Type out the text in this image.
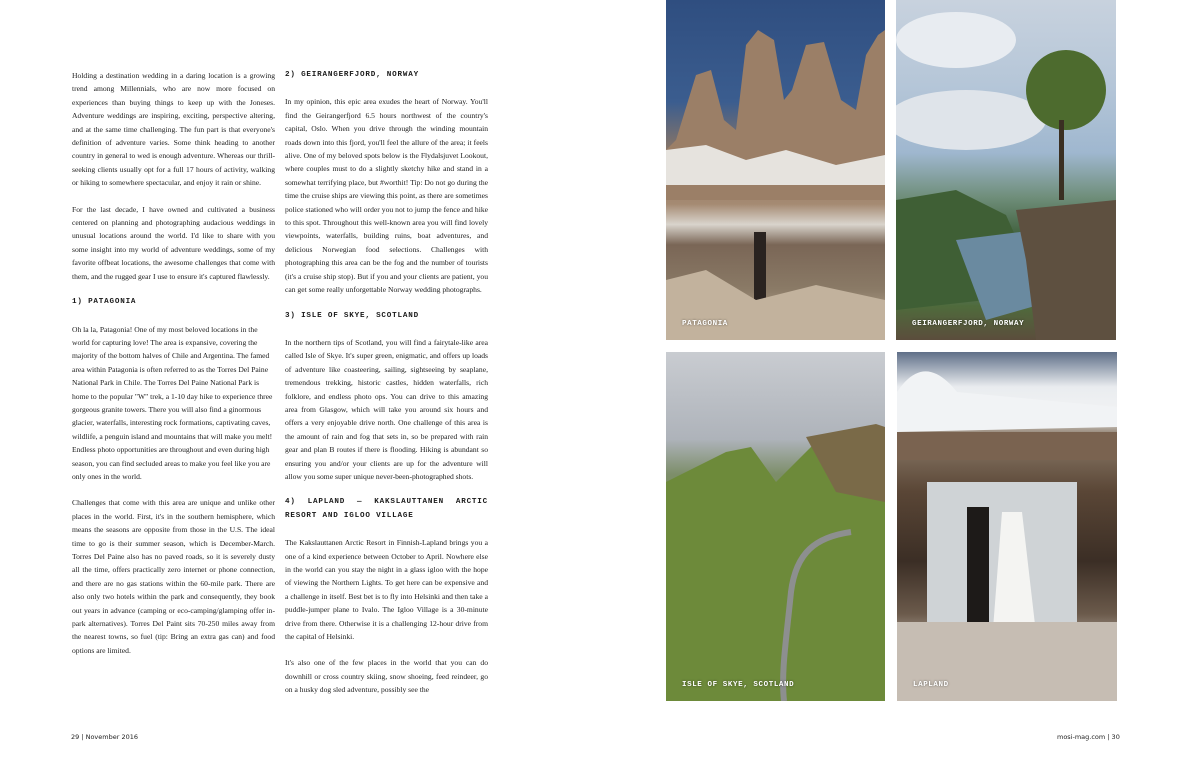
Holding a destination wedding in a daring location is a growing trend among Millennials, who are now more focused on experiences than buying things to keep up with the Joneses. Adventure weddings are inspiring, exciting, perspective altering, and at the same time challenging. The fun part is that everyone's definition of adventure varies. Some think heading to another country in general to wed is enough adventure. Whereas our thrill-seeking clients usually opt for a full 17 hours of activity, walking or hiking to somewhere spectacular, and enjoy it rain or shine.

For the last decade, I have owned and cultivated a business centered on planning and photographing audacious weddings in unusual locations around the world. I'd like to share with you some insight into my world of adventure weddings, some of my favorite offbeat locations, the awesome challenges that come with them, and the rugged gear I use to ensure it's captured flawlessly.

1) PATAGONIA

Oh la la, Patagonia! One of my most beloved locations in the world for capturing love! The area is expansive, covering the majority of the bottom halves of Chile and Argentina. The famed area within Patagonia is often referred to as the Torres Del Paine National Park in Chile. The Torres Del Paine National Park is home to the popular "W" trek, a 1-10 day hike to experience three gorgeous granite towers. There you will also find a ginormous glacier, waterfalls, interesting rock formations, captivating caves, wildlife, a penguin island and mountains that will make you melt! Endless photo opportunities are throughout and even during high season, you can find secluded areas to make you feel like you are only ones in the world.

Challenges that come with this area are unique and unlike other places in the world. First, it's in the southern hemisphere, which means the seasons are opposite from those in the U.S. The ideal time to go is their summer season, which is December-March. Torres Del Paine also has no paved roads, so it is severely dusty all the time, offers practically zero internet or phone connection, and there are no gas stations within the 60-mile park. There are also only two hotels within the park and consequently, they book out years in advance (camping or eco-camping/glamping offer in-park alternatives). Torres Del Paint sits 70-250 miles away from the nearest towns, so fuel (tip: Bring an extra gas can) and food options are limited.

2) GEIRANGERFJORD, NORWAY

In my opinion, this epic area exudes the heart of Norway. You'll find the Geirangerfjord 6.5 hours northwest of the country's capital, Oslo. When you drive through the winding mountain roads down into this fjord, you'll feel the allure of the area; it feels alive. One of my beloved spots below is the Flydalsjuvet Lookout, where couples must to do a slightly sketchy hike and stand in a somewhat terrifying place, but #worthit! Tip: Do not go during the time the cruise ships are viewing this point, as there are sometimes police stationed who will order you not to jump the fence and hike to this spot. Throughout this well-known area you will find lovely viewpoints, waterfalls, building ruins, boat adventures, and delicious Norwegian food selections. Challenges with photographing this area can be the fog and the number of tourists (it's a cruise ship stop). But if you and your clients are patient, you can get some really unforgettable Norway wedding photographs.

3) ISLE OF SKYE, SCOTLAND

In the northern tips of Scotland, you will find a fairytale-like area called Isle of Skye. It's super green, enigmatic, and offers up loads of adventure like coasteering, sailing, sightseeing by seaplane, tremendous trekking, historic castles, hidden waterfalls, rich folklore, and endless photo ops. You can drive to this amazing area from Glasgow, which will take you around six hours and offers a very enjoyable drive north. One challenge of this area is the amount of rain and fog that sets in, so be prepared with rain gear and plan B routes if there is flooding. Hiking is abundant so ensuring you and/or your clients are up for the adventure will allow you some super unique never-been-photographed shots.

4) LAPLAND — KAKSLAUTTANEN ARCTIC RESORT AND IGLOO VILLAGE

The Kakslauttanen Arctic Resort in Finnish-Lapland brings you a one of a kind experience between October to April. Nowhere else in the world can you stay the night in a glass igloo with the hope of viewing the Northern Lights. To get here can be expensive and a challenge in itself. Best bet is to fly into Helsinki and then take a puddle-jumper plane to Ivalo. The Igloo Village is a 30-minute drive from there. Otherwise it is a challenging 12-hour drive from the capital of Helsinki.

It's also one of the few places in the world that you can do downhill or cross country skiing, snow shoeing, feed reindeer, go on a husky dog sled adventure, possibly see the

PATAGONIA	GEIRANGERFJORD, NORWAY
ISLE OF SKYE, SCOTLAND	LAPLAND
29 | November 2016	mosi-mag.com | 30
